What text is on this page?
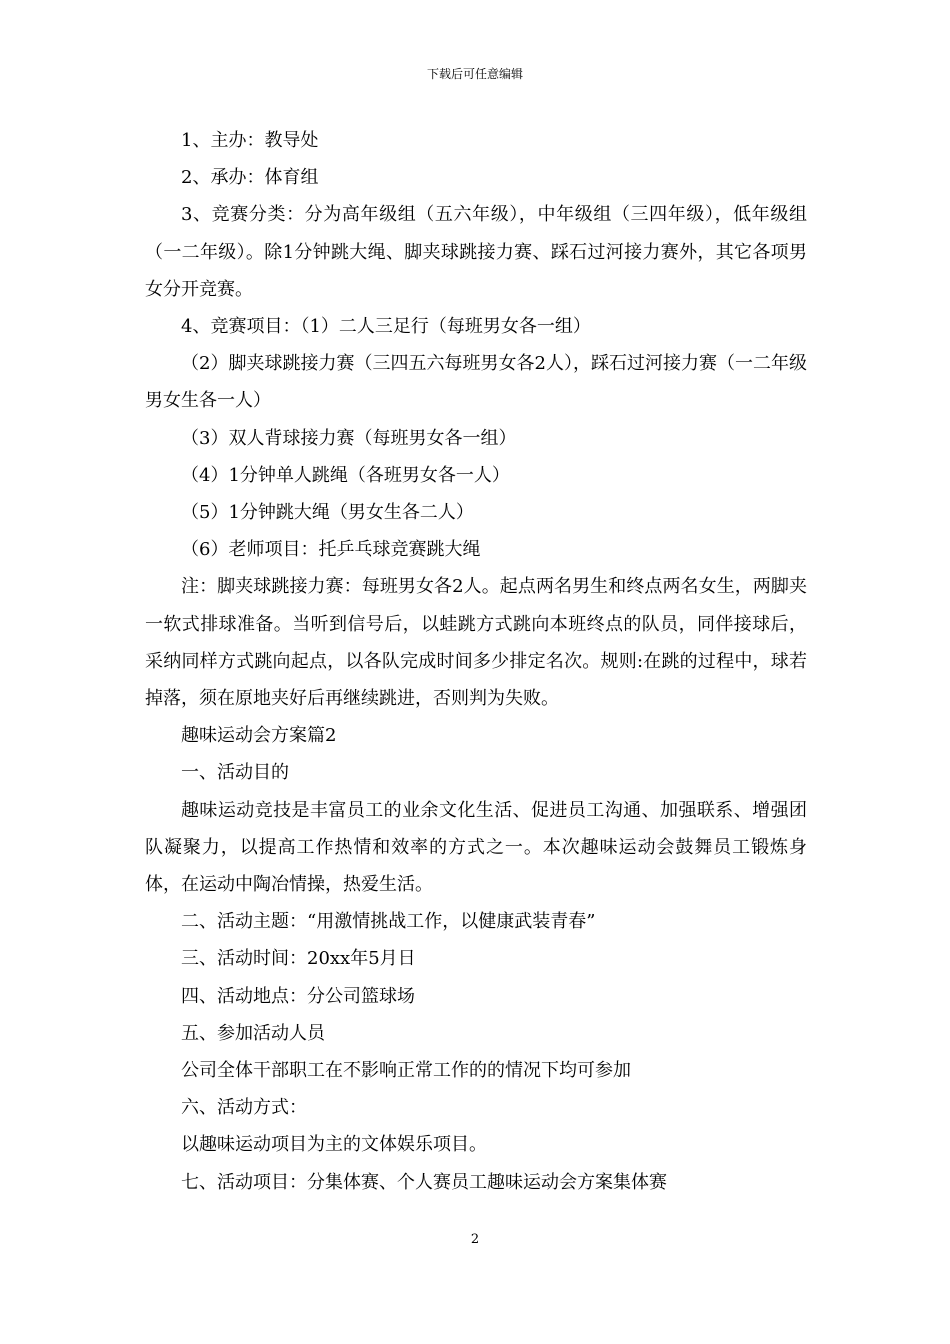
下载后可任意编辑

1、主办：教导处

2、承办：体育组

3、竞赛分类：分为高年级组（五六年级），中年级组（三四年级），低年级组（一二年级）。除1分钟跳大绳、脚夹球跳接力赛、踩石过河接力赛外，其它各项男女分开竞赛。

4、竞赛项目：（1）二人三足行（每班男女各一组）

（2）脚夹球跳接力赛（三四五六每班男女各2人），踩石过河接力赛（一二年级男女生各一人）

（3）双人背球接力赛（每班男女各一组）

（4）1分钟单人跳绳（各班男女各一人）

（5）1分钟跳大绳（男女生各二人）

（6）老师项目：托乒乓球竞赛跳大绳

注：脚夹球跳接力赛：每班男女各2人。起点两名男生和终点两名女生，两脚夹一软式排球准备。当听到信号后，以蛙跳方式跳向本班终点的队员，同伴接球后，采纳同样方式跳向起点，以各队完成时间多少排定名次。规则:在跳的过程中，球若掉落，须在原地夹好后再继续跳进，否则判为失败。

趣味运动会方案篇2

一、活动目的

趣味运动竞技是丰富员工的业余文化生活、促进员工沟通、加强联系、增强团队凝聚力，以提高工作热情和效率的方式之一。本次趣味运动会鼓舞员工锻炼身体，在运动中陶冶情操，热爱生活。

二、活动主题：“用激情挑战工作，以健康武装青春”

三、活动时间：20xx年5月日

四、活动地点：分公司篮球场

五、参加活动人员

公司全体干部职工在不影响正常工作的的情况下均可参加

六、活动方式：

以趣味运动项目为主的文体娱乐项目。

七、活动项目：分集体赛、个人赛员工趣味运动会方案集体赛

2
